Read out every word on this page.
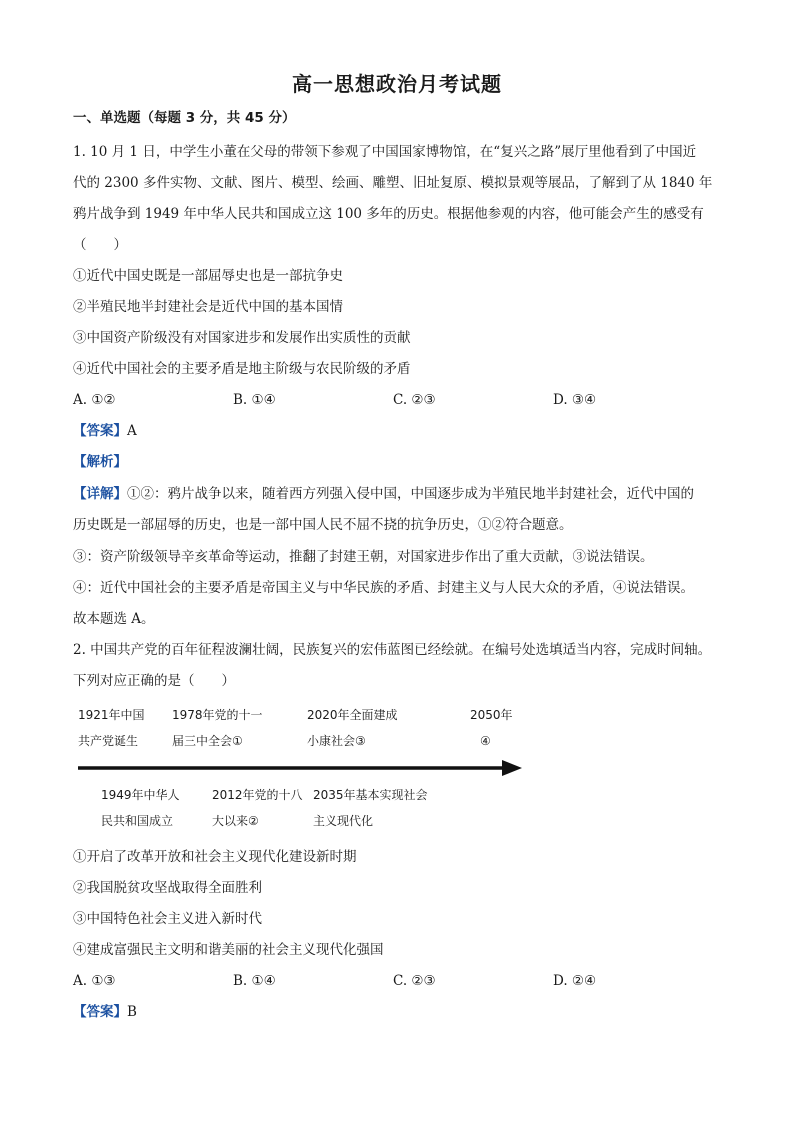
高一思想政治月考试题
一、单选题（每题 3 分，共 45 分）
1. 10 月 1 日，中学生小董在父母的带领下参观了中国国家博物馆，在“复兴之路”展厅里他看到了中国近
代的 2300 多件实物、文献、图片、模型、绘画、雕塑、旧址复原、模拟景观等展品，了解到了从 1840 年
鸦片战争到 1949 年中华人民共和国成立这 100 多年的历史。根据他参观的内容，他可能会产生的感受有
（　　）
①近代中国史既是一部屈辱史也是一部抗争史
②半殖民地半封建社会是近代中国的基本国情
③中国资产阶级没有对国家进步和发展作出实质性的贡献
④近代中国社会的主要矛盾是地主阶级与农民阶级的矛盾
A. ①②	B. ①④	C. ②③	D. ③④
【答案】A
【解析】
【详解】①②：鸦片战争以来，随着西方列强入侵中国，中国逐步成为半殖民地半封建社会，近代中国的
历史既是一部屈辱的历史，也是一部中国人民不屈不挠的抗争历史，①②符合题意。
③：资产阶级领导辛亥革命等运动，推翻了封建王朝，对国家进步作出了重大贡献，③说法错误。
④：近代中国社会的主要矛盾是帝国主义与中华民族的矛盾、封建主义与人民大众的矛盾，④说法错误。
故本题选 A。
2. 中国共产党的百年征程波澜壮阔，民族复兴的宏伟蓝图已经绘就。在编号处选填适当内容，完成时间轴。
下列对应正确的是（　　）
1921年中国
共产党诞生
1978年党的十一
届三中全会①
2020年全面建成
小康社会③
2050年
④
1949年中华人
民共和国成立
2012年党的十八
大以来②
2035年基本实现社会
主义现代化
①开启了改革开放和社会主义现代化建设新时期
②我国脱贫攻坚战取得全面胜利
③中国特色社会主义进入新时代
④建成富强民主文明和谐美丽的社会主义现代化强国
A. ①③	B. ①④	C. ②③	D. ②④
【答案】B
